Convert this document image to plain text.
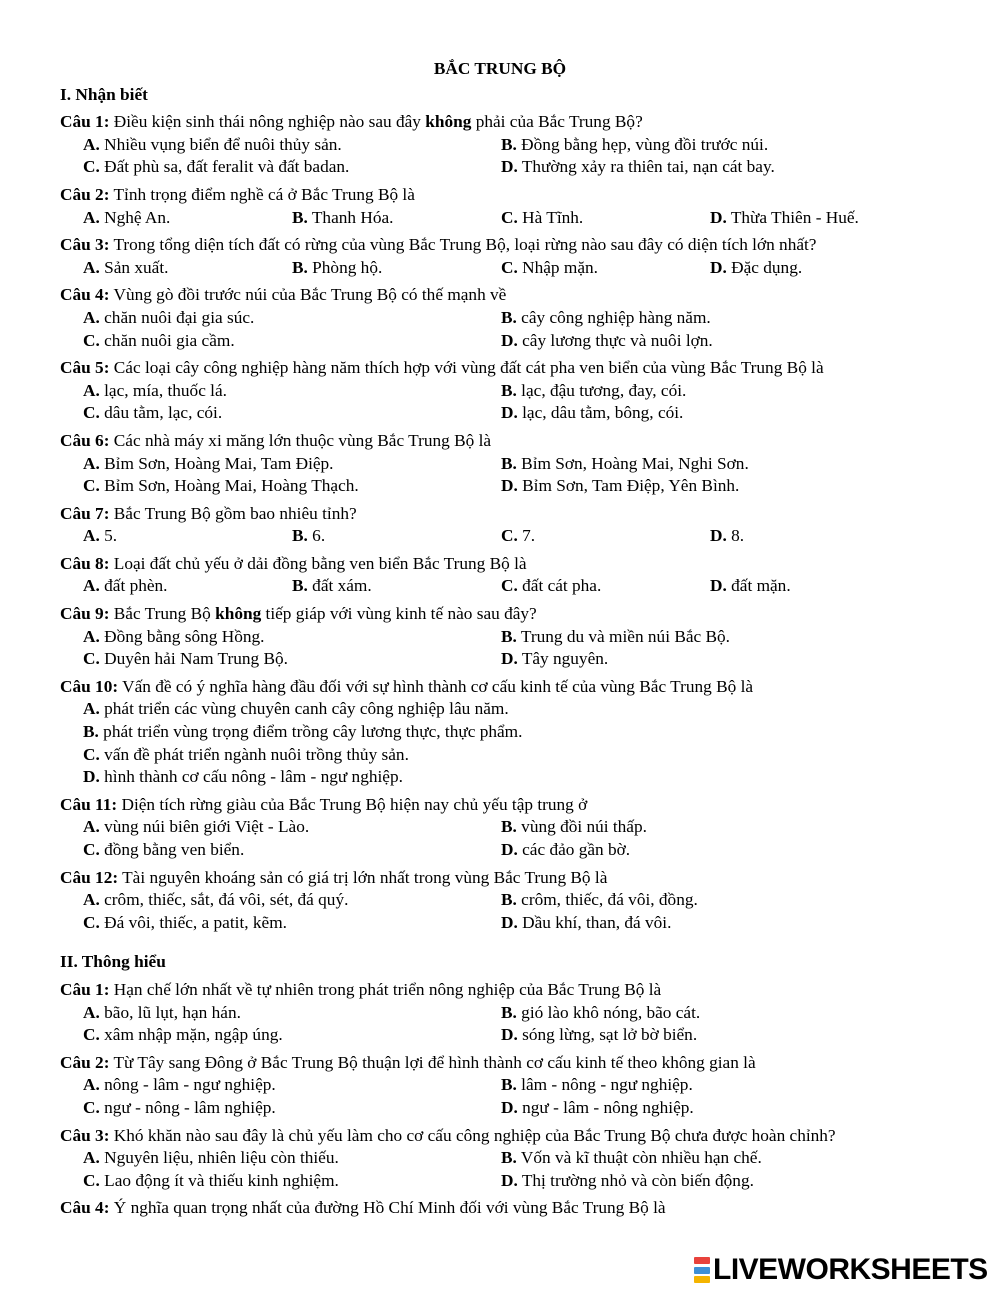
BẮC TRUNG BỘ
I. Nhận biết
Câu 1: Điều kiện sinh thái nông nghiệp nào sau đây không phải của Bắc Trung Bộ?
A. Nhiều vụng biển để nuôi thủy sản.	B. Đồng bằng hẹp, vùng đồi trước núi.
C. Đất phù sa, đất feralit và đất badan.	D. Thường xảy ra thiên tai, nạn cát bay.
Câu 2: Tỉnh trọng điểm nghề cá ở Bắc Trung Bộ là
A. Nghệ An.	B. Thanh Hóa.	C. Hà Tĩnh.	D. Thừa Thiên - Huế.
Câu 3: Trong tổng diện tích đất có rừng của vùng Bắc Trung Bộ, loại rừng nào sau đây có diện tích lớn nhất?
A. Sản xuất.	B. Phòng hộ.	C. Nhập mặn.	D. Đặc dụng.
Câu 4: Vùng gò đồi trước núi của Bắc Trung Bộ có thế mạnh về
A. chăn nuôi đại gia súc.	B. cây công nghiệp hàng năm.
C. chăn nuôi gia cầm.	D. cây lương thực và nuôi lợn.
Câu 5: Các loại cây công nghiệp hàng năm thích hợp với vùng đất cát pha ven biển của vùng Bắc Trung Bộ là
A. lạc, mía, thuốc lá.	B. lạc, đậu tương, đay, cói.
C. dâu tằm, lạc, cói.	D. lạc, dâu tằm, bông, cói.
Câu 6: Các nhà máy xi măng lớn thuộc vùng Bắc Trung Bộ là
A. Bỉm Sơn, Hoàng Mai, Tam Điệp.	B. Bỉm Sơn, Hoàng Mai, Nghi Sơn.
C. Bỉm Sơn, Hoàng Mai, Hoàng Thạch.	D. Bỉm Sơn, Tam Điệp, Yên Bình.
Câu 7: Bắc Trung Bộ gồm bao nhiêu tỉnh?
A. 5.	B. 6.	C. 7.	D. 8.
Câu 8: Loại đất chủ yếu ở dải đồng bằng ven biển Bắc Trung Bộ là
A. đất phèn.	B. đất xám.	C. đất cát pha.	D. đất mặn.
Câu 9: Bắc Trung Bộ không tiếp giáp với vùng kinh tế nào sau đây?
A. Đồng bằng sông Hồng.	B. Trung du và miền núi Bắc Bộ.
C. Duyên hải Nam Trung Bộ.	D. Tây nguyên.
Câu 10: Vấn đề có ý nghĩa hàng đầu đối với sự hình thành cơ cấu kinh tế của vùng Bắc Trung Bộ là
A. phát triển các vùng chuyên canh cây công nghiệp lâu năm.
B. phát triển vùng trọng điểm trồng cây lương thực, thực phẩm.
C. vấn đề phát triển ngành nuôi trồng thủy sản.
D. hình thành cơ cấu nông - lâm - ngư nghiệp.
Câu 11: Diện tích rừng giàu của Bắc Trung Bộ hiện nay chủ yếu tập trung ở
A. vùng núi biên giới Việt - Lào.	B. vùng đồi núi thấp.
C. đồng bằng ven biển.	D. các đảo gần bờ.
Câu 12: Tài nguyên khoáng sản có giá trị lớn nhất trong vùng Bắc Trung Bộ là
A. crôm, thiếc, sắt, đá vôi, sét, đá quý.	B. crôm, thiếc, đá vôi, đồng.
C. Đá vôi, thiếc, a patit, kẽm.	D. Dầu khí, than, đá vôi.
II. Thông hiểu
Câu 1: Hạn chế lớn nhất về tự nhiên trong phát triển nông nghiệp của Bắc Trung Bộ là
A. bão, lũ lụt, hạn hán.	B. gió lào khô nóng, bão cát.
C. xâm nhập mặn, ngập úng.	D. sóng lừng, sạt lở bờ biển.
Câu 2: Từ Tây sang Đông ở Bắc Trung Bộ thuận lợi để hình thành cơ cấu kinh tế theo không gian là
A. nông - lâm - ngư nghiệp.	B. lâm - nông - ngư nghiệp.
C. ngư - nông - lâm nghiệp.	D. ngư - lâm - nông nghiệp.
Câu 3: Khó khăn nào sau đây là chủ yếu làm cho cơ cấu công nghiệp của Bắc Trung Bộ chưa được hoàn chỉnh?
A. Nguyên liệu, nhiên liệu còn thiếu.	B. Vốn và kĩ thuật còn nhiều hạn chế.
C. Lao động ít và thiếu kinh nghiệm.	D. Thị trường nhỏ và còn biến động.
Câu 4: Ý nghĩa quan trọng nhất của đường Hồ Chí Minh đối với vùng Bắc Trung Bộ là
LIVEWORKSHEETS
